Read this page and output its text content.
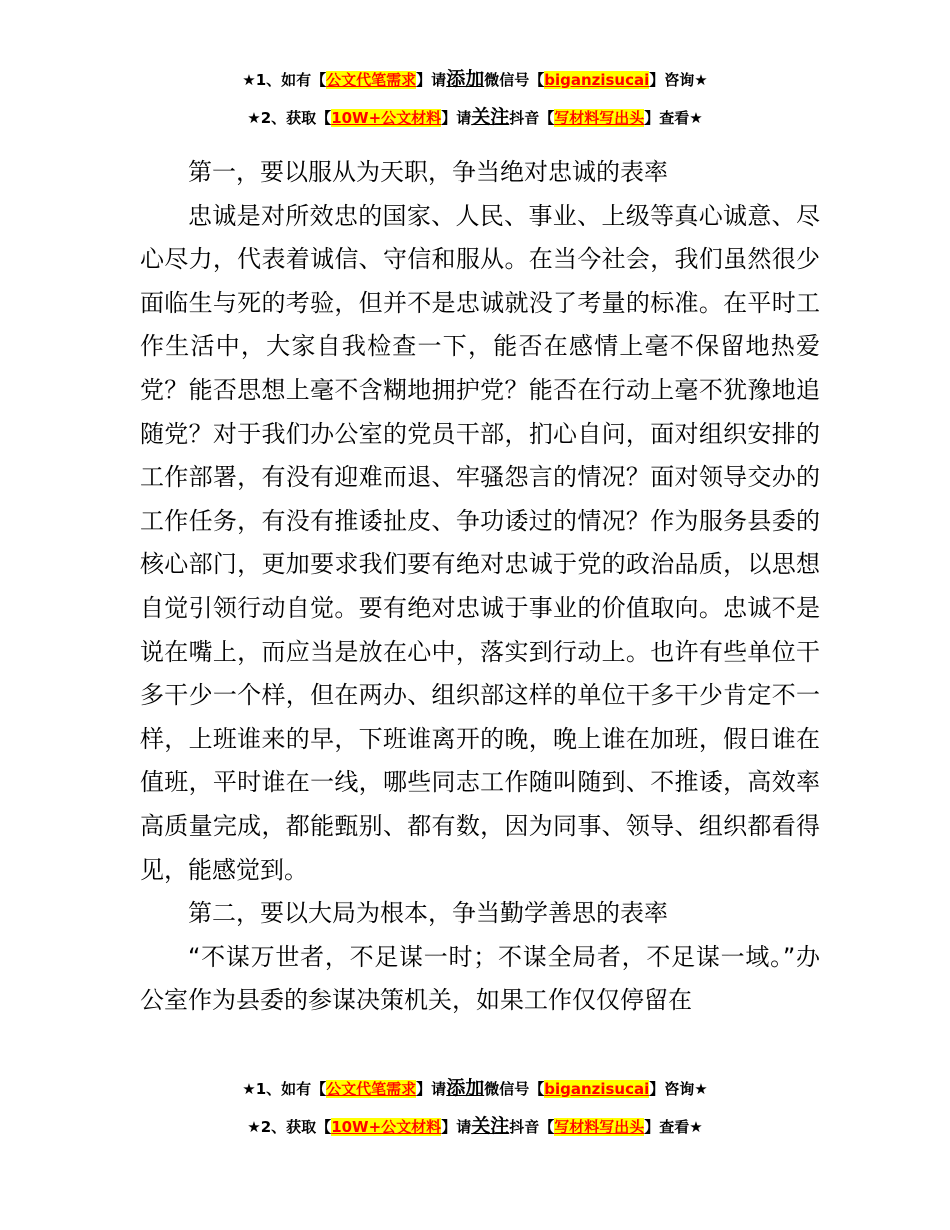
★1、如有【公文代笔需求】请添加微信号【biganzisucai】咨询★
★2、获取【10W+公文材料】请关注抖音【写材料写出头】查看★

第一，要以服从为天职，争当绝对忠诚的表率

忠诚是对所效忠的国家、人民、事业、上级等真心诚意、尽心尽力，代表着诚信、守信和服从。在当今社会，我们虽然很少面临生与死的考验，但并不是忠诚就没了考量的标准。在平时工作生活中，大家自我检查一下，能否在感情上毫不保留地热爱党？能否思想上毫不含糊地拥护党？能否在行动上毫不犹豫地追随党？对于我们办公室的党员干部，扪心自问，面对组织安排的工作部署，有没有迎难而退、牢骚怨言的情况？面对领导交办的工作任务，有没有推诿扯皮、争功诿过的情况？作为服务县委的核心部门，更加要求我们要有绝对忠诚于党的政治品质，以思想自觉引领行动自觉。要有绝对忠诚于事业的价值取向。忠诚不是说在嘴上，而应当是放在心中，落实到行动上。也许有些单位干多干少一个样，但在两办、组织部这样的单位干多干少肯定不一样，上班谁来的早，下班谁离开的晚，晚上谁在加班，假日谁在值班，平时谁在一线，哪些同志工作随叫随到、不推诿，高效率高质量完成，都能甄别、都有数，因为同事、领导、组织都看得见，能感觉到。

第二，要以大局为根本，争当勤学善思的表率

“不谋万世者，不足谋一时；不谋全局者，不足谋一域。”办公室作为县委的参谋决策机关，如果工作仅仅停留在

★1、如有【公文代笔需求】请添加微信号【biganzisucai】咨询★
★2、获取【10W+公文材料】请关注抖音【写材料写出头】查看★
